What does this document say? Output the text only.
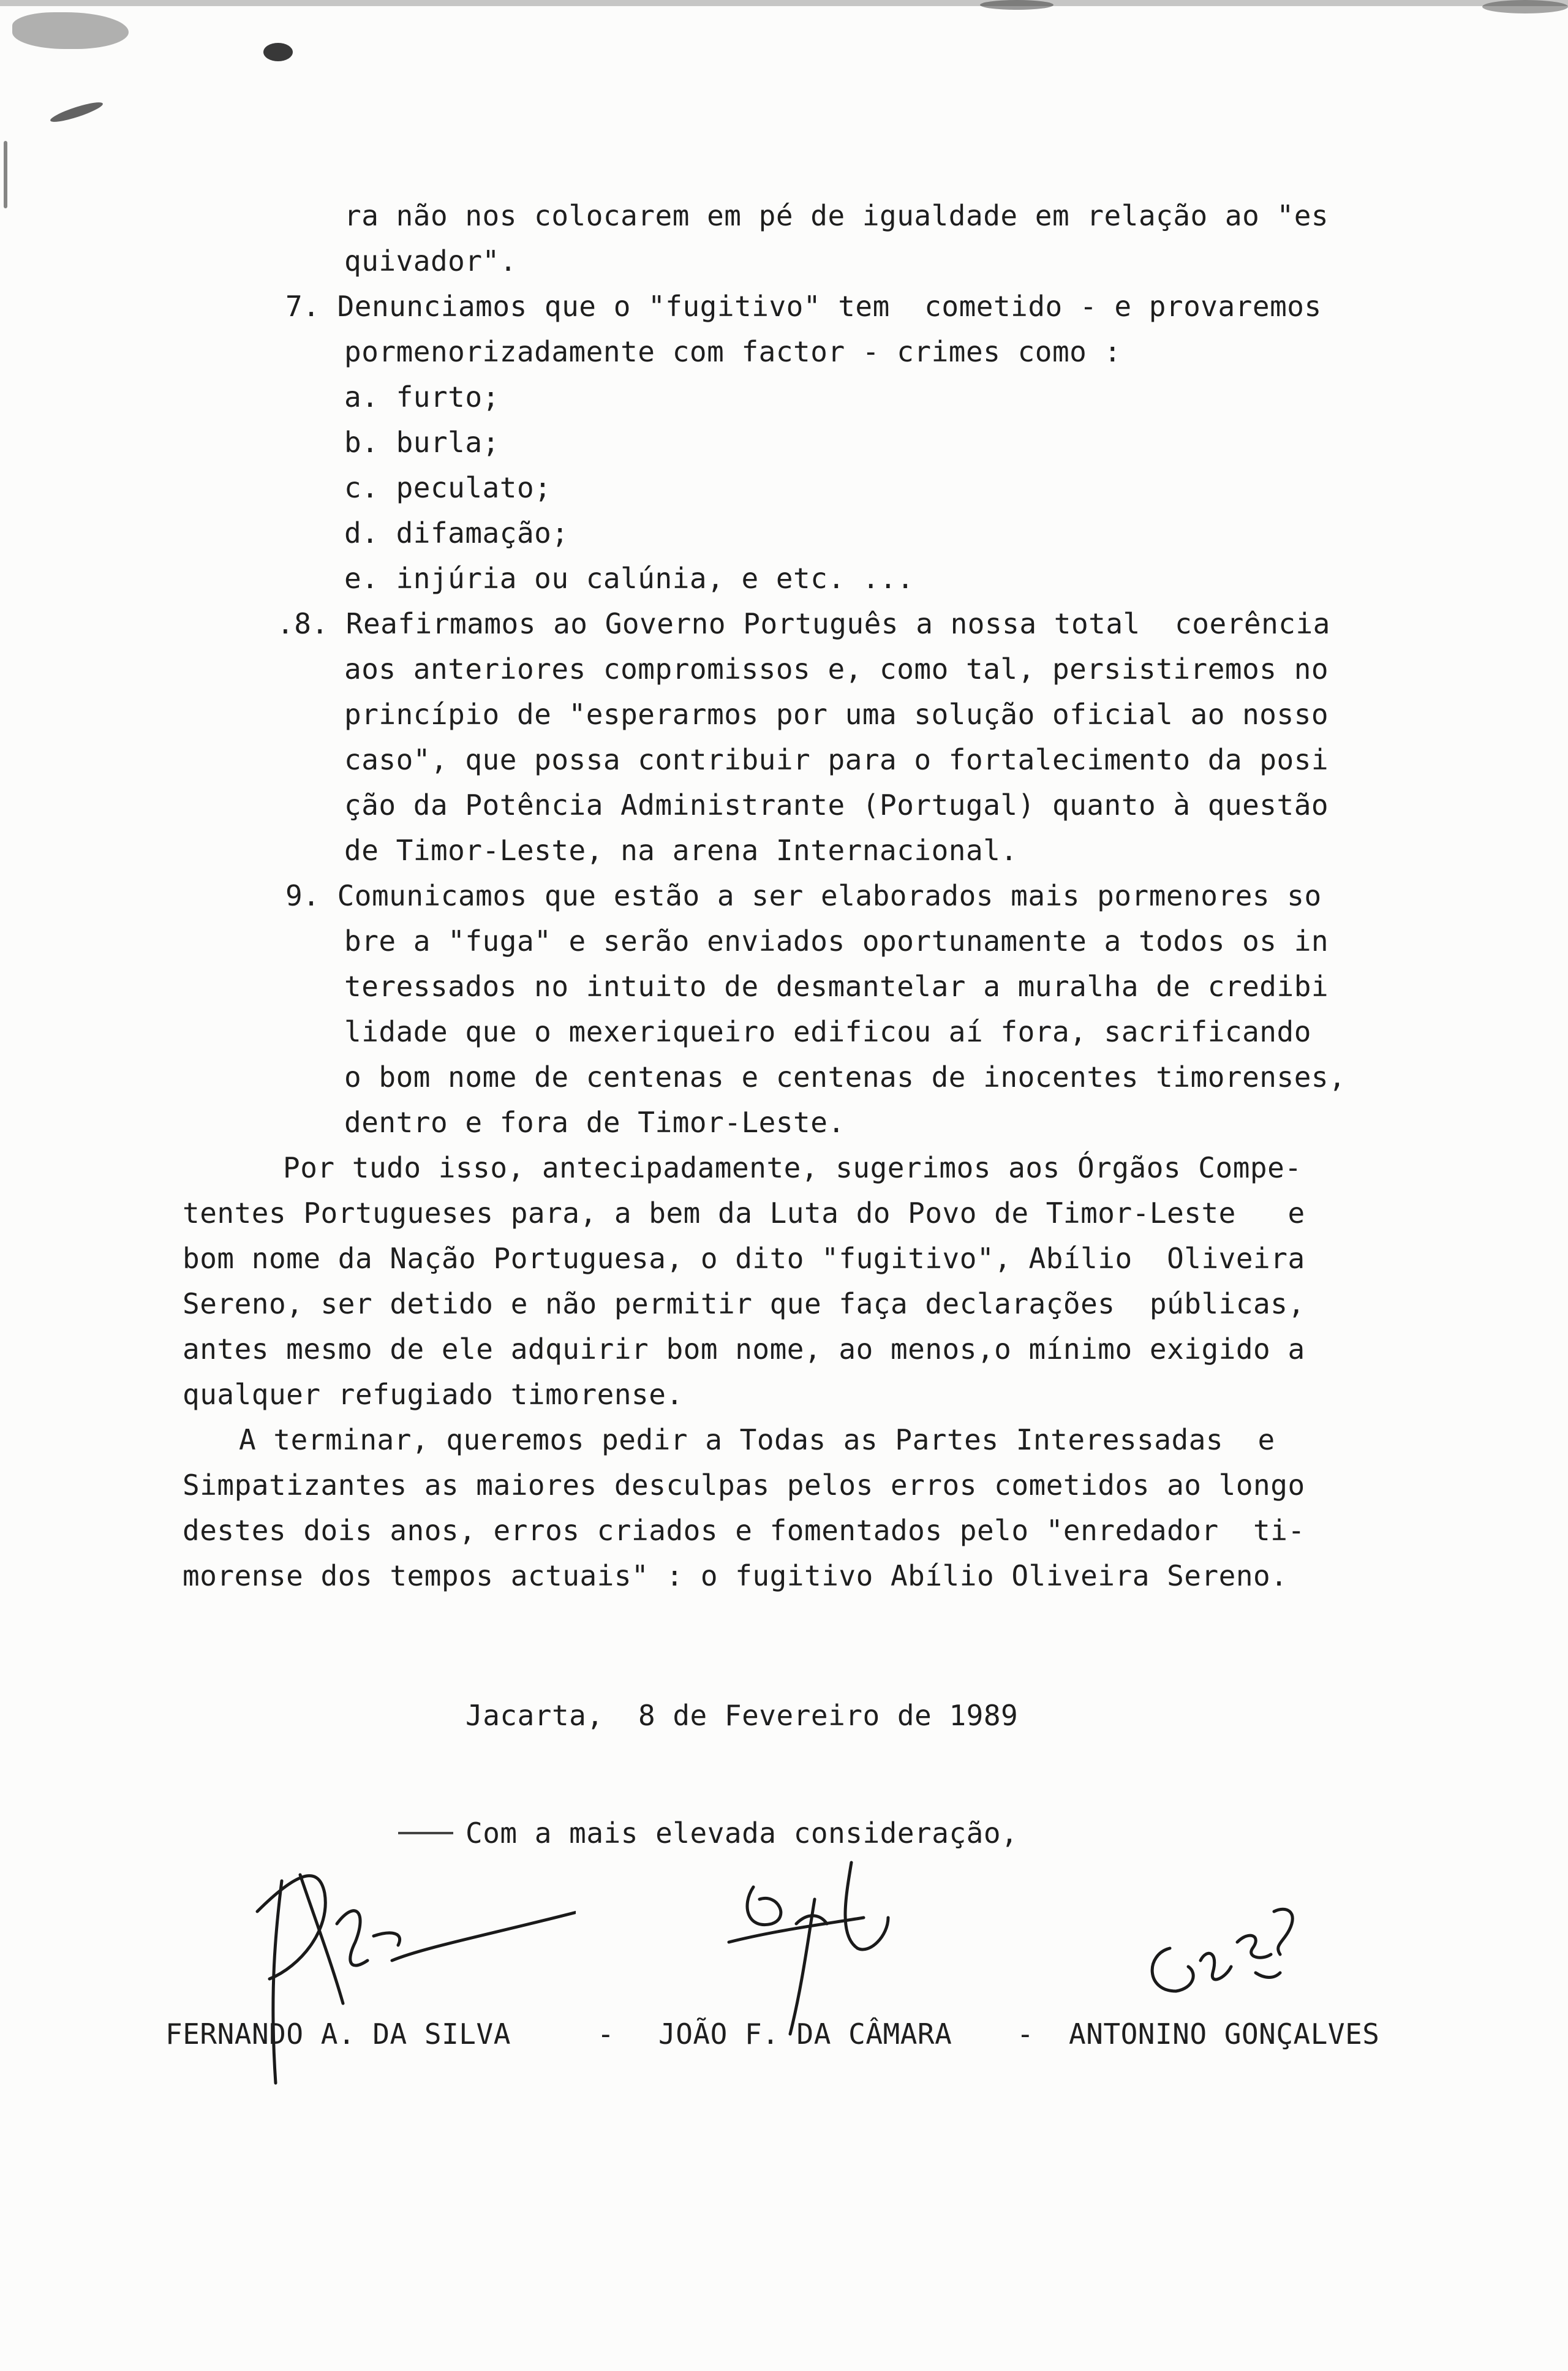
ra não nos colocarem em pé de igualdade em relação ao "es
quivador".
7. Denunciamos que o "fugitivo" tem  cometido - e provaremos
pormenorizadamente com factor - crimes como :
a. furto;
b. burla;
c. peculato;
d. difamação;
e. injúria ou calúnia, e etc. ...
.8. Reafirmamos ao Governo Português a nossa total  coerência
aos anteriores compromissos e, como tal, persistiremos no
princípio de "esperarmos por uma solução oficial ao nosso
caso", que possa contribuir para o fortalecimento da posi
ção da Potência Administrante (Portugal) quanto à questão
de Timor-Leste, na arena Internacional.
9. Comunicamos que estão a ser elaborados mais pormenores so
bre a "fuga" e serão enviados oportunamente a todos os in
teressados no intuito de desmantelar a muralha de credibi
lidade que o mexeriqueiro edificou aí fora, sacrificando
o bom nome de centenas e centenas de inocentes timorenses,
dentro e fora de Timor-Leste.
Por tudo isso, antecipadamente, sugerimos aos Órgãos Compe-
tentes Portugueses para, a bem da Luta do Povo de Timor-Leste   e
bom nome da Nação Portuguesa, o dito "fugitivo", Abílio  Oliveira
Sereno, ser detido e não permitir que faça declarações  públicas,
antes mesmo de ele adquirir bom nome, ao menos,o mínimo exigido a
qualquer refugiado timorense.
A terminar, queremos pedir a Todas as Partes Interessadas  e
Simpatizantes as maiores desculpas pelos erros cometidos ao longo
destes dois anos, erros criados e fomentados pelo "enredador  ti-
morense dos tempos actuais" : o fugitivo Abílio Oliveira Sereno.
Jacarta,  8 de Fevereiro de 1989
Com a mais elevada consideração,
FERNANDO A. DA SILVA	- JOÃO F. DA CÂMARA - ANTONINO GONÇALVES
